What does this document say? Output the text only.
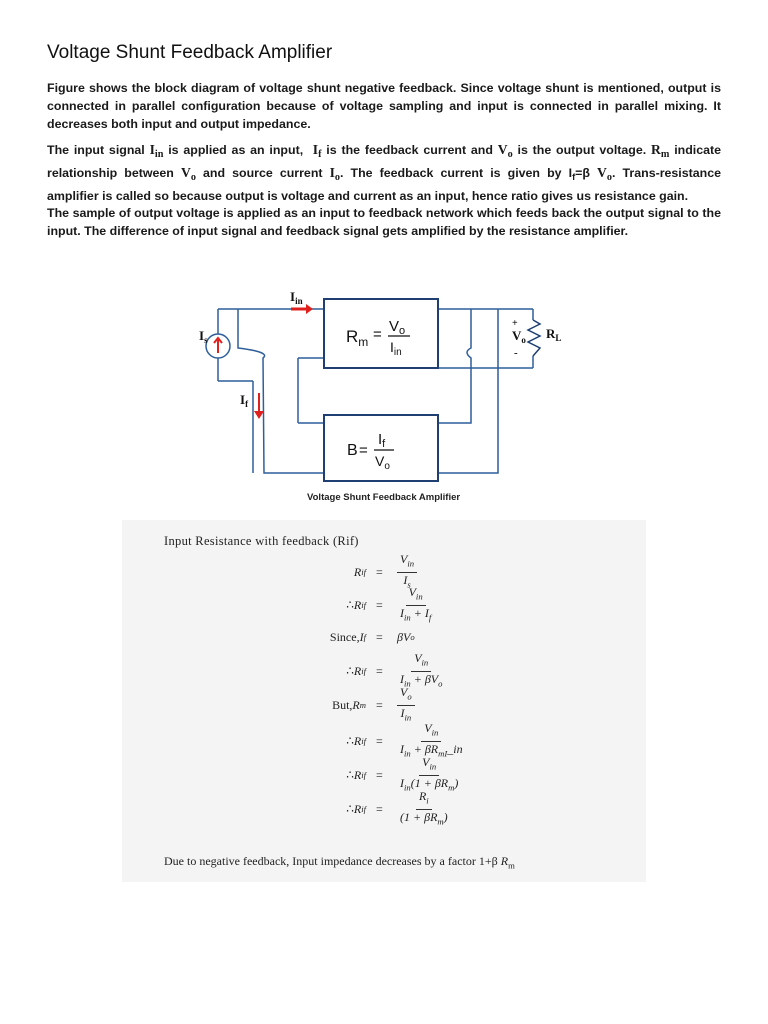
Voltage Shunt Feedback Amplifier

Figure shows the block diagram of voltage shunt negative feedback. Since voltage shunt is mentioned, output is connected in parallel configuration because of voltage sampling and input is connected in parallel mixing. It decreases both input and output impedance.

The input signal $I_{in}$ is applied as an input,  $I_f$ is the feedback current and $V_o$ is the output voltage. $R_m$ indicate relationship between $V_o$ and source current $I_o$. The feedback current is given by $I_f=\beta$ $V_o$. Trans-resistance amplifier is called so because output is voltage and current as an input, hence ratio gives us resistance gain.

The sample of output voltage is applied as an input to feedback network which feeds back the output signal to the input. The difference of input signal and feedback signal gets amplified by the resistance amplifier.

$I_{in}$
$I_s$
$I_f$
$V_o$ $R_L$
+
-
$R_m = V_o$
$I_{in}$
B =
$I_f$
$V_o$
Voltage Shunt Feedback Amplifier
Input Resistance with feedback (Rif)
R if = $\frac{V_{in}}{I_s}$
∴ R if = $\frac{V_{in}}{I_{in} + I_f}$
Since, I f = βV o
∴ R if = $\frac{V_{in}}{I_{in} + \beta V_o}$
But, R $m = \frac{V_o}{I_{in}}$
∴ R if = $\frac{V_{in}}{I_{in} + \beta R_{mI}\_in}$
∴ R if = $\frac{V_{in}}{I_{in}(1 + \beta R_m)}$
∴ R if = $\frac{R_i}{(1 + \beta R_m)}$
Due to negative feedback, Input impedance decreases by a factor 1+β $R_m$
